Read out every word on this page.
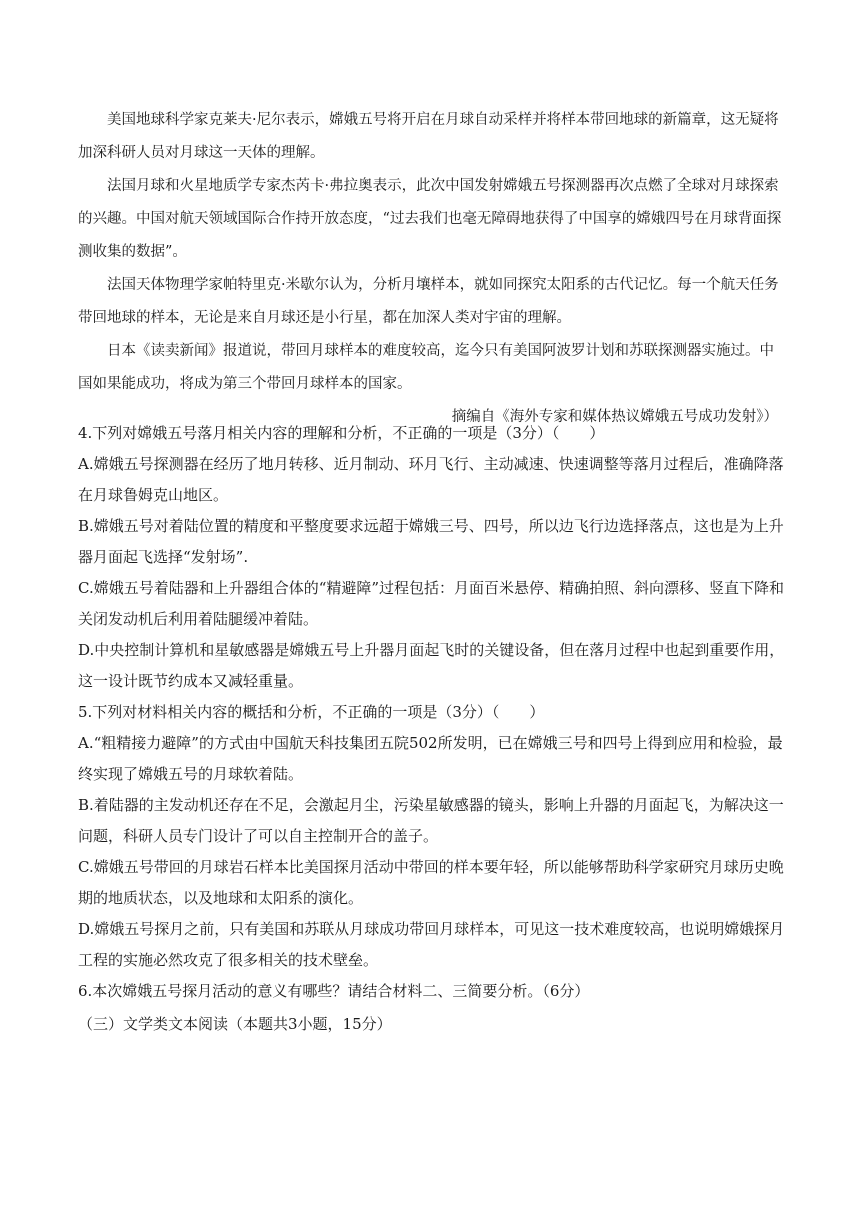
美国地球科学家克莱夫·尼尔表示，嫦娥五号将开启在月球自动采样并将样本带回地球的新篇章，这无疑将加深科研人员对月球这一天体的理解。

法国月球和火星地质学专家杰芮卡·弗拉奥表示，此次中国发射嫦娥五号探测器再次点燃了全球对月球探索的兴趣。中国对航天领域国际合作持开放态度，“过去我们也毫无障碍地获得了中国享的嫦娥四号在月球背面探测收集的数据”。

法国天体物理学家帕特里克·米歇尔认为，分析月壤样本，就如同探究太阳系的古代记忆。每一个航天任务带回地球的样本，无论是来自月球还是小行星，都在加深人类对宇宙的理解。

日本《读卖新闻》报道说，带回月球样本的难度较高，迄今只有美国阿波罗计划和苏联探测器实施过。中国如果能成功，将成为第三个带回月球样本的国家。

摘编自《海外专家和媒体热议嫦娥五号成功发射》）

4.下列对嫦娥五号落月相关内容的理解和分析，不正确的一项是（3分）（　　）

A.嫦娥五号探测器在经历了地月转移、近月制动、环月飞行、主动减速、快速调整等落月过程后，准确降落在月球鲁姆克山地区。

B.嫦娥五号对着陆位置的精度和平整度要求远超于嫦娥三号、四号，所以边飞行边选择落点，这也是为上升器月面起飞选择“发射场”.

C.嫦娥五号着陆器和上升器组合体的“精避障”过程包括：月面百米悬停、精确拍照、斜向漂移、竖直下降和关闭发动机后利用着陆腿缓冲着陆。

D.中央控制计算机和星敏感器是嫦娥五号上升器月面起飞时的关键设备，但在落月过程中也起到重要作用，这一设计既节约成本又减轻重量。

5.下列对材料相关内容的概括和分析，不正确的一项是（3分）（　　）

A.“粗精接力避障”的方式由中国航天科技集团五院502所发明，已在嫦娥三号和四号上得到应用和检验，最终实现了嫦娥五号的月球软着陆。

B.着陆器的主发动机还存在不足，会激起月尘，污染星敏感器的镜头，影响上升器的月面起飞，为解决这一问题，科研人员专门设计了可以自主控制开合的盖子。

C.嫦娥五号带回的月球岩石样本比美国探月活动中带回的样本要年轻，所以能够帮助科学家研究月球历史晚期的地质状态，以及地球和太阳系的演化。

D.嫦娥五号探月之前，只有美国和苏联从月球成功带回月球样本，可见这一技术难度较高，也说明嫦娥探月工程的实施必然攻克了很多相关的技术壁垒。

6.本次嫦娥五号探月活动的意义有哪些？请结合材料二、三简要分析。（6分）

（三）文学类文本阅读（本题共3小题，15分）
